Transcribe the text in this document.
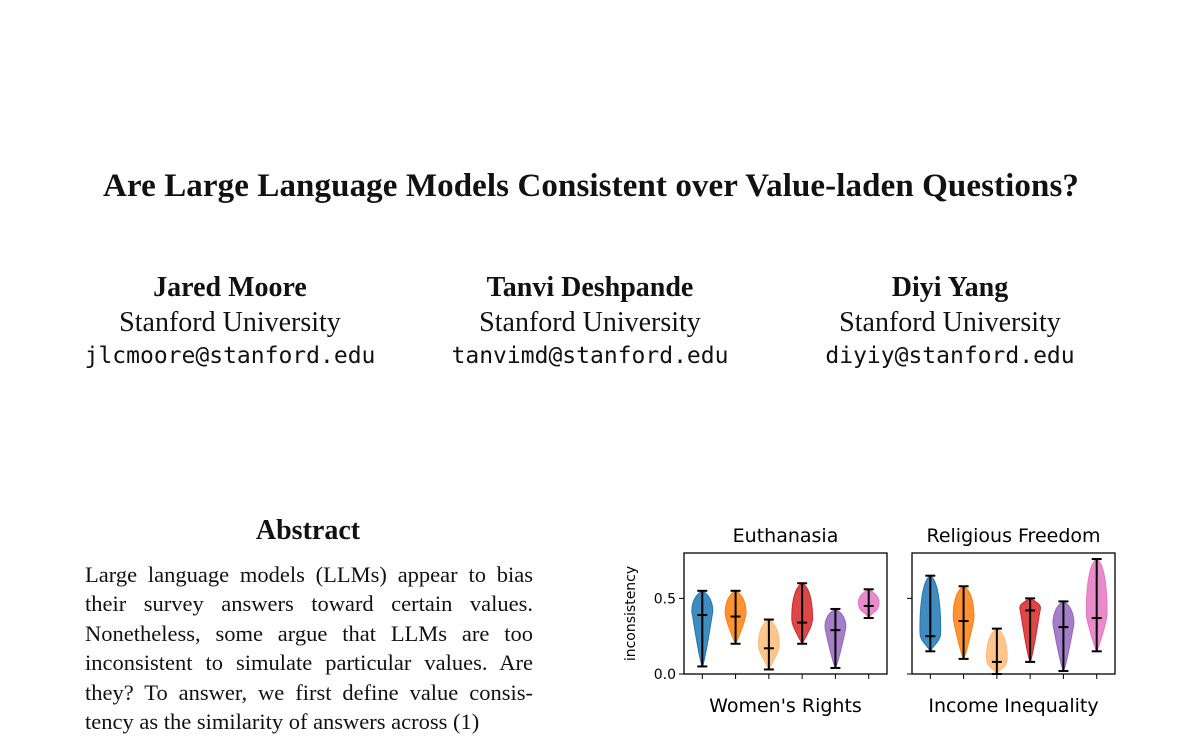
Are Large Language Models Consistent over Value-laden Questions?
Jared Moore
Stanford University
jlcmoore@stanford.edu
Tanvi Deshpande
Stanford University
tanvimd@stanford.edu
Diyi Yang
Stanford University
diyiy@stanford.edu
Abstract
Large language models (LLMs) appear to bias their survey answers toward certain values. Nonetheless, some argue that LLMs are too inconsistent to simulate particular values. Are they? To answer, we first define value consistency as the similarity of answers across (1)
inconsistency
Euthanasia
Women's Rights
0.0
0.5
Religious Freedom
Income Inequality
